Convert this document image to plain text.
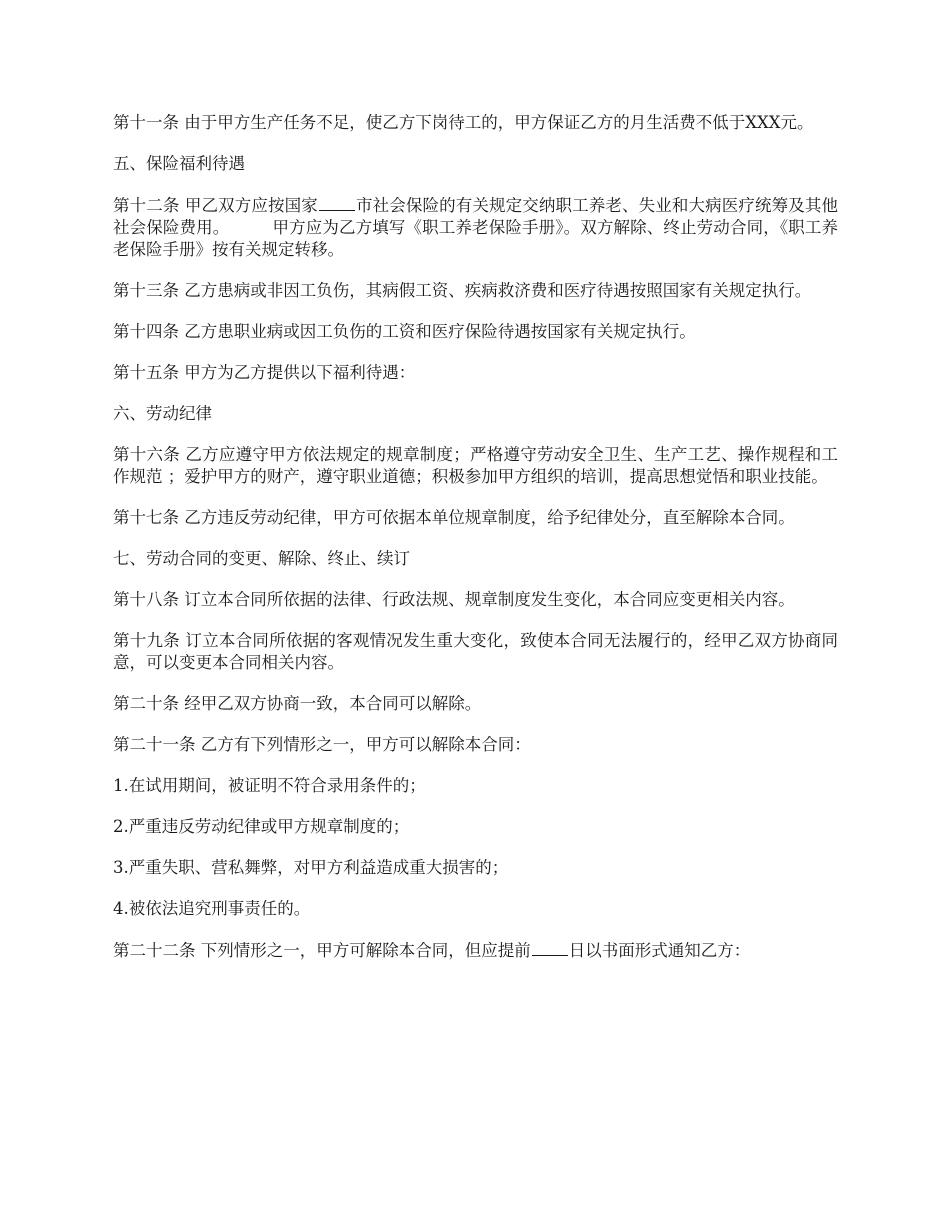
第十一条 由于甲方生产任务不足，使乙方下岗待工的，甲方保证乙方的月生活费不低于XXX元。

五、保险福利待遇

第十二条 甲乙双方应按国家 市社会保险的有关规定交纳职工养老、失业和大病医疗统筹及其他社会保险费用。        甲方应为乙方填写《职工养老保险手册》。双方解除、终止劳动合同，《职工养老保险手册》按有关规定转移。

第十三条 乙方患病或非因工负伤，其病假工资、疾病救济费和医疗待遇按照国家有关规定执行。

第十四条 乙方患职业病或因工负伤的工资和医疗保险待遇按国家有关规定执行。

第十五条 甲方为乙方提供以下福利待遇：

六、劳动纪律

第十六条 乙方应遵守甲方依法规定的规章制度；严格遵守劳动安全卫生、生产工艺、操作规程和工作规范 ；爱护甲方的财产，遵守职业道德；积极参加甲方组织的培训，提高思想觉悟和职业技能。

第十七条 乙方违反劳动纪律，甲方可依据本单位规章制度，给予纪律处分，直至解除本合同。

七、劳动合同的变更、解除、终止、续订

第十八条 订立本合同所依据的法律、行政法规、规章制度发生变化，本合同应变更相关内容。

第十九条 订立本合同所依据的客观情况发生重大变化，致使本合同无法履行的，经甲乙双方协商同意，可以变更本合同相关内容。

第二十条 经甲乙双方协商一致，本合同可以解除。

第二十一条 乙方有下列情形之一，甲方可以解除本合同：

1.在试用期间，被证明不符合录用条件的；

2.严重违反劳动纪律或甲方规章制度的；

3.严重失职、营私舞弊，对甲方利益造成重大损害的；

4.被依法追究刑事责任的。

第二十二条 下列情形之一，甲方可解除本合同，但应提前 日以书面形式通知乙方：
